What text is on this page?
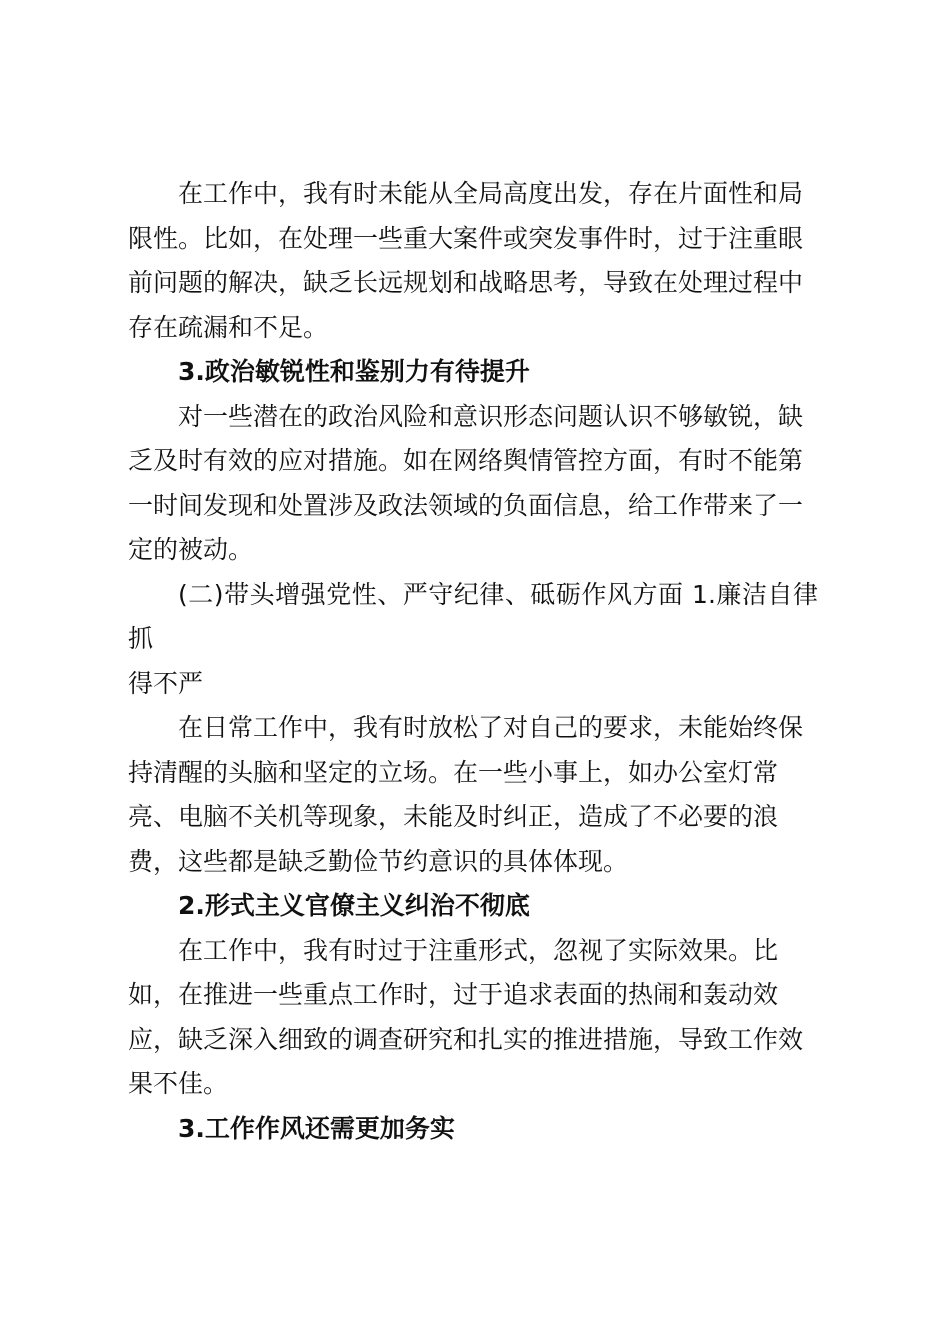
在工作中，我有时未能从全局高度出发，存在片面性和局
限性。比如，在处理一些重大案件或突发事件时，过于注重眼
前问题的解决，缺乏长远规划和战略思考，导致在处理过程中
存在疏漏和不足。

3.政治敏锐性和鉴别力有待提升

对一些潜在的政治风险和意识形态问题认识不够敏锐，缺
乏及时有效的应对措施。如在网络舆情管控方面，有时不能第
一时间发现和处置涉及政法领域的负面信息，给工作带来了一
定的被动。

(二)带头增强党性、严守纪律、砥砺作风方面 1.廉洁自律抓
得不严

在日常工作中，我有时放松了对自己的要求，未能始终保
持清醒的头脑和坚定的立场。在一些小事上，如办公室灯常
亮、电脑不关机等现象，未能及时纠正，造成了不必要的浪
费，这些都是缺乏勤俭节约意识的具体体现。

2.形式主义官僚主义纠治不彻底

在工作中，我有时过于注重形式，忽视了实际效果。比
如，在推进一些重点工作时，过于追求表面的热闹和轰动效
应，缺乏深入细致的调查研究和扎实的推进措施，导致工作效
果不佳。

3.工作作风还需更加务实
